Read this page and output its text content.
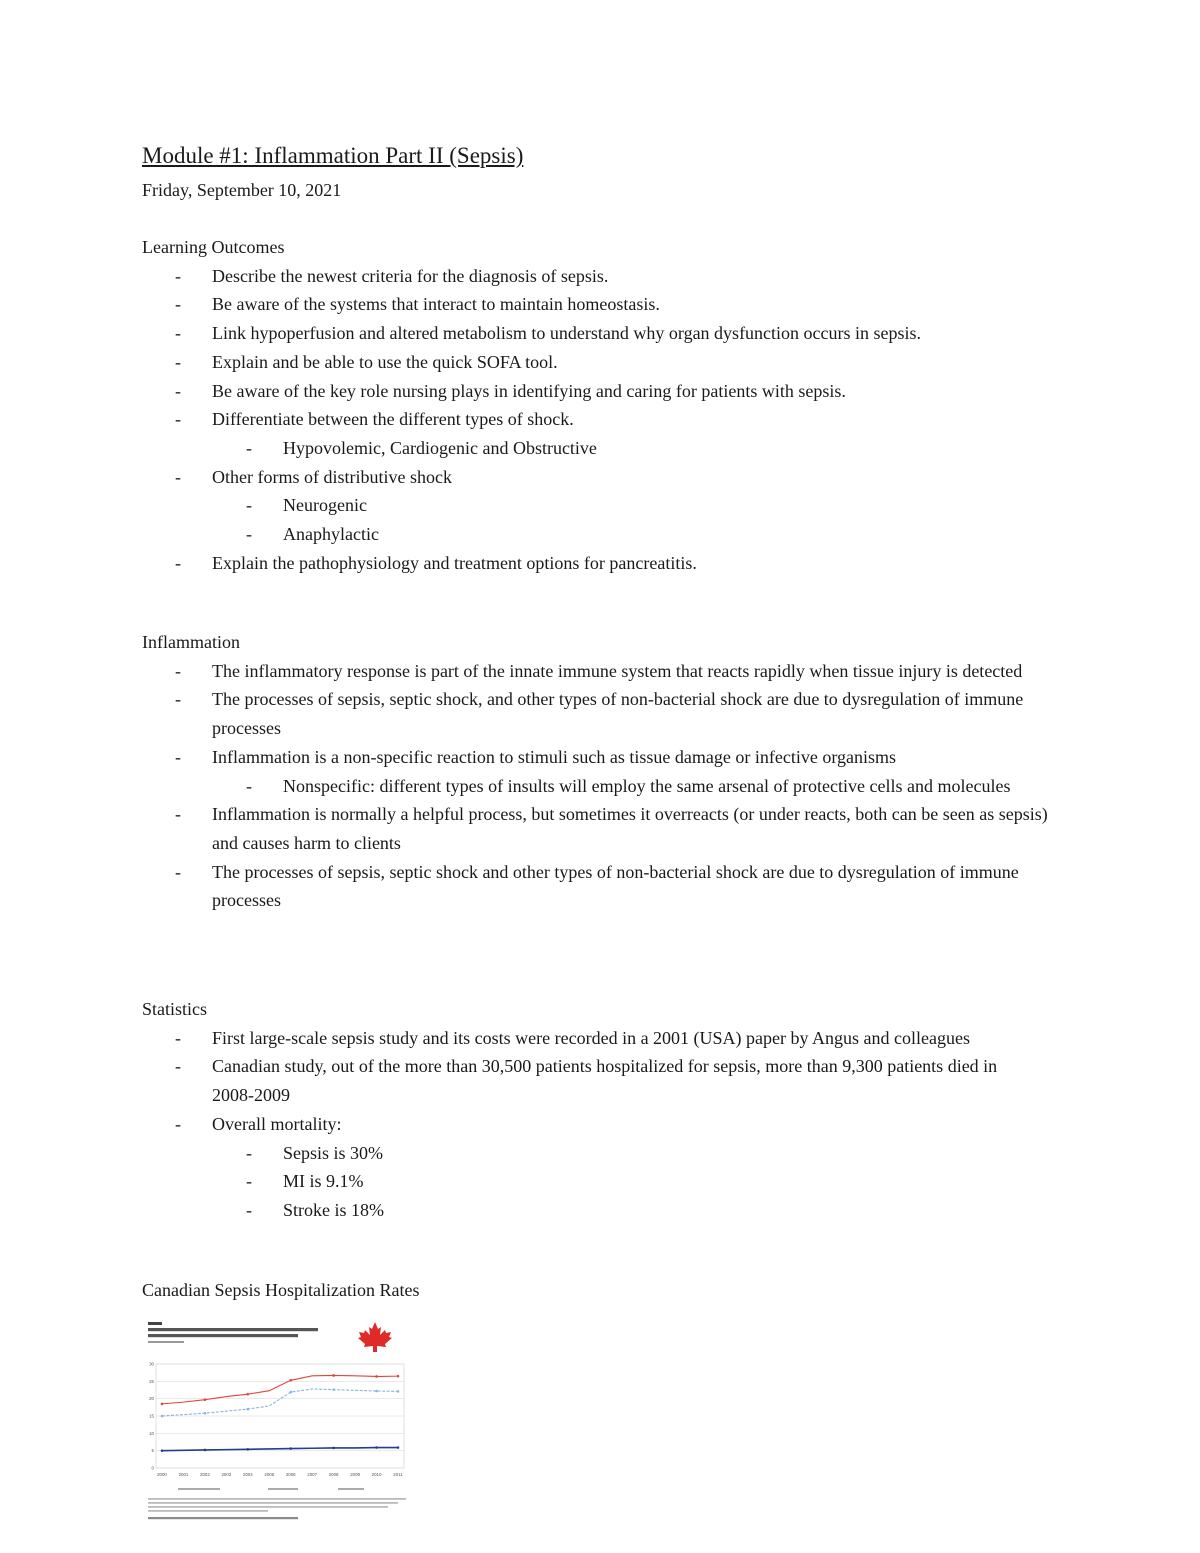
Module #1: Inflammation Part II (Sepsis)
Friday, September 10, 2021
Learning Outcomes
- Describe the newest criteria for the diagnosis of sepsis.
- Be aware of the systems that interact to maintain homeostasis.
- Link hypoperfusion and altered metabolism to understand why organ dysfunction occurs in sepsis.
- Explain and be able to use the quick SOFA tool.
- Be aware of the key role nursing plays in identifying and caring for patients with sepsis.
- Differentiate between the different types of shock.
- Hypovolemic, Cardiogenic and Obstructive
- Other forms of distributive shock
- Neurogenic
- Anaphylactic
- Explain the pathophysiology and treatment options for pancreatitis.
Inflammation
- The inflammatory response is part of the innate immune system that reacts rapidly when tissue injury is detected
- The processes of sepsis, septic shock, and other types of non-bacterial shock are due to dysregulation of immune processes
- Inflammation is a non-specific reaction to stimuli such as tissue damage or infective organisms
- Nonspecific: different types of insults will employ the same arsenal of protective cells and molecules
- Inflammation is normally a helpful process, but sometimes it overreacts (or under reacts, both can be seen as sepsis) and causes harm to clients
- The processes of sepsis, septic shock and other types of non-bacterial shock are due to dysregulation of immune processes
Statistics
- First large-scale sepsis study and its costs were recorded in a 2001 (USA) paper by Angus and colleagues
- Canadian study, out of the more than 30,500 patients hospitalized for sepsis, more than 9,300 patients died in 2008-2009
- Overall mortality:
- Sepsis is 30%
- MI is 9.1%
- Stroke is 18%
Canadian Sepsis Hospitalization Rates
0
5
10
15
20
25
30
2000	2001	2002	2003	2004	2005	2006	2007	2008	2009	2010	2011
